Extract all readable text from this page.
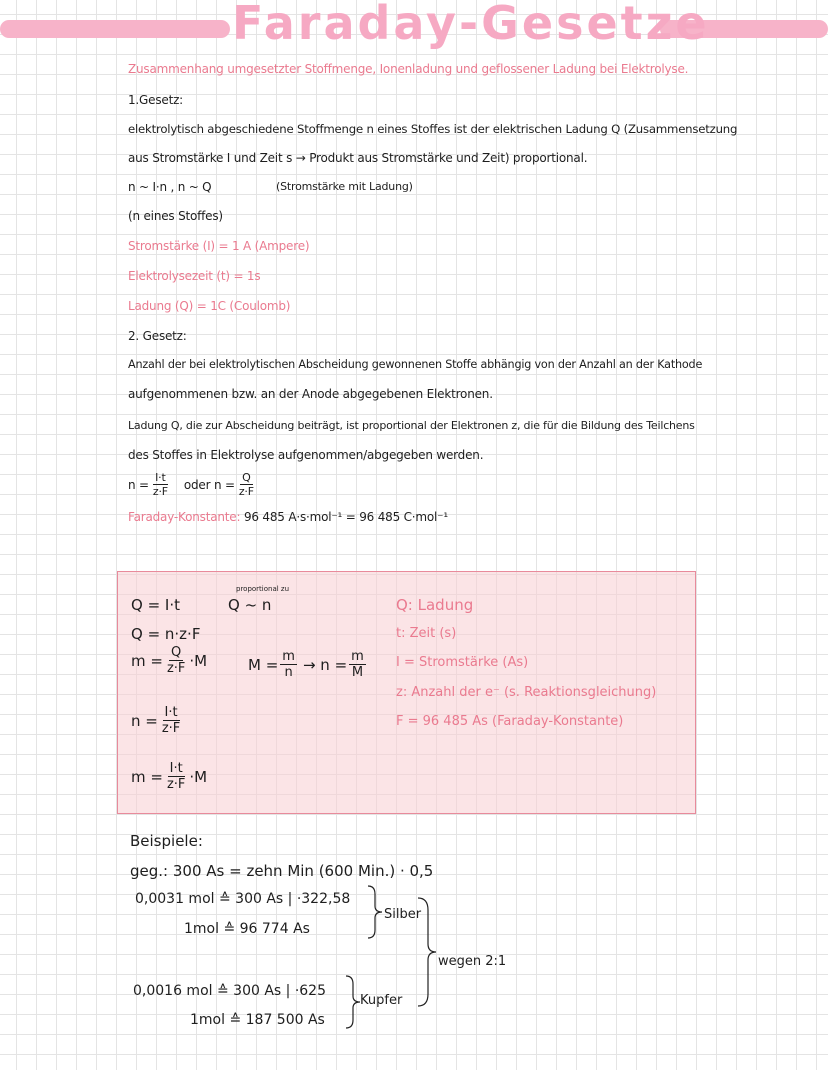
Faraday-Gesetze
Zusammenhang umgesetzter Stoffmenge, Ionenladung und geflossener Ladung bei Elektrolyse.
1.Gesetz:
elektrolytisch abgeschiedene Stoffmenge n eines Stoffes ist der elektrischen Ladung Q (Zusammensetzung
aus Stromstärke I und Zeit s → Produkt aus Stromstärke und Zeit) proportional.
n ~ I·n , n ~ Q	(Stromstärke mit Ladung)
(n eines Stoffes)
Stromstärke (I) = 1 A (Ampere)
Elektrolysezeit (t) = 1s
Ladung (Q) = 1C (Coulomb)
2. Gesetz:
Anzahl der bei elektrolytischen Abscheidung gewonnenen Stoffe abhängig von der Anzahl an der Kathode
aufgenommenen bzw. an der Anode abgegebenen Elektronen.
Ladung Q, die zur Abscheidung beiträgt, ist proportional der Elektronen z, die für die Bildung des Teilchens
des Stoffes in Elektrolyse aufgenommen/abgegeben werden.
$n = \frac{I\cdot t}{z\cdot F}$ oder $n = \frac{Q}{z\cdot F}$
Faraday-Konstante: 96 485 A·s·mol⁻¹ = 96 485 C·mol⁻¹
Q = I·t
Q = n·z·F
$m = \frac{Q}{z\cdot F} \cdot M$
$n = \frac{I\cdot t}{z\cdot F}$
$m = \frac{I\cdot t}{z\cdot F} \cdot M$
proportional zu
Q ~ n
$M = \frac{m}{n} \to n = \frac{m}{M}$
Q: Ladung
t: Zeit (s)
I = Stromstärke (As)
z: Anzahl der e⁻ (s. Reaktionsgleichung)
F = 96 485 As (Faraday-Konstante)
Beispiele:
geg.: 300 As = zehn Min (600 Min.) · 0,5
0,0031 mol ≙ 300 As | ·322,58
1mol ≙ 96 774 As
Silber
0,0016 mol ≙ 300 As | ·625
1mol ≙ 187 500 As
Kupfer
wegen 2:1
